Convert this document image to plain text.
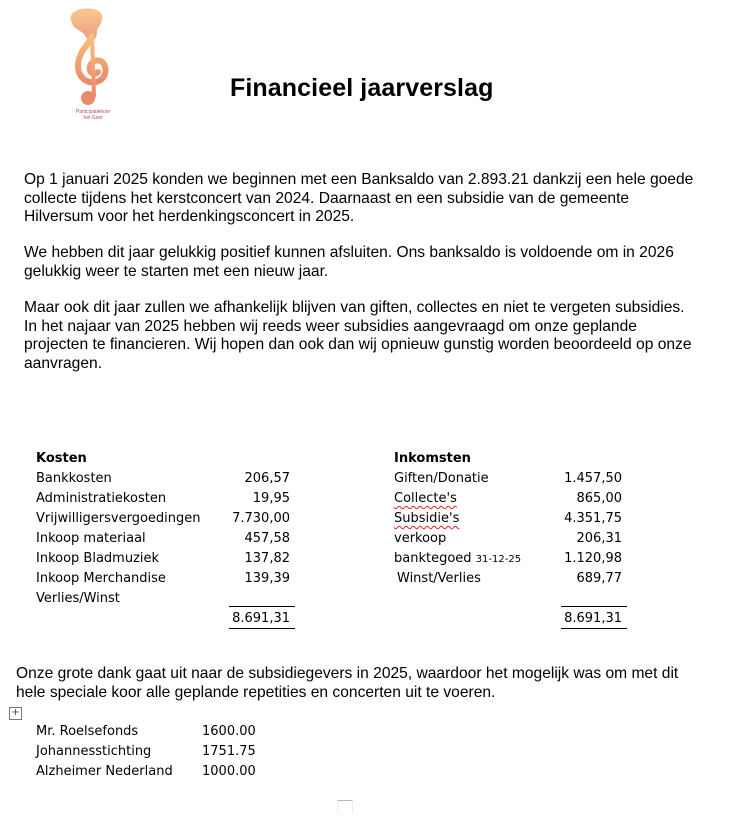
Participatiekoor
het Gooi
Financieel jaarverslag
Op 1 januari 2025 konden we beginnen met een Banksaldo van 2.893.21 dankzij een hele goede
collecte tijdens het kerstconcert van 2024. Daarnaast en een subsidie van de gemeente
Hilversum voor het herdenkingsconcert in 2025.
We hebben dit jaar gelukkig positief kunnen afsluiten. Ons banksaldo is voldoende om in 2026
gelukkig weer te starten met een nieuw jaar.
Maar ook dit jaar zullen we afhankelijk blijven van giften, collectes en niet te vergeten subsidies.
In het najaar van 2025 hebben wij reeds weer subsidies aangevraagd om onze geplande
projecten te financieren. Wij hopen dan ook dan wij opnieuw gunstig worden beoordeeld op onze
aanvragen.
Kosten
Bankkosten	206,57
Administratiekosten	19,95
Vrijwilligersvergoedingen 7.730,00
Inkoop materiaal	457,58
Inkoop Bladmuziek	137,82
Inkoop Merchandise	139,39
Verlies/Winst
8.691,31
Inkomsten
Giften/Donatie	1.457,50
Collecte's	865,00
Subsidie's	4.351,75
verkoop	206,31
banktegoed 31-12-25	1.120,98
Winst/Verlies	689,77
8.691,31
Onze grote dank gaat uit naar de subsidiegevers in 2025, waardoor het mogelijk was om met dit
hele speciale koor alle geplande repetities en concerten uit te voeren.
+
Mr. Roelsefonds	1600.00
Johannesstichting	1751.75
Alzheimer Nederland 1000.00
